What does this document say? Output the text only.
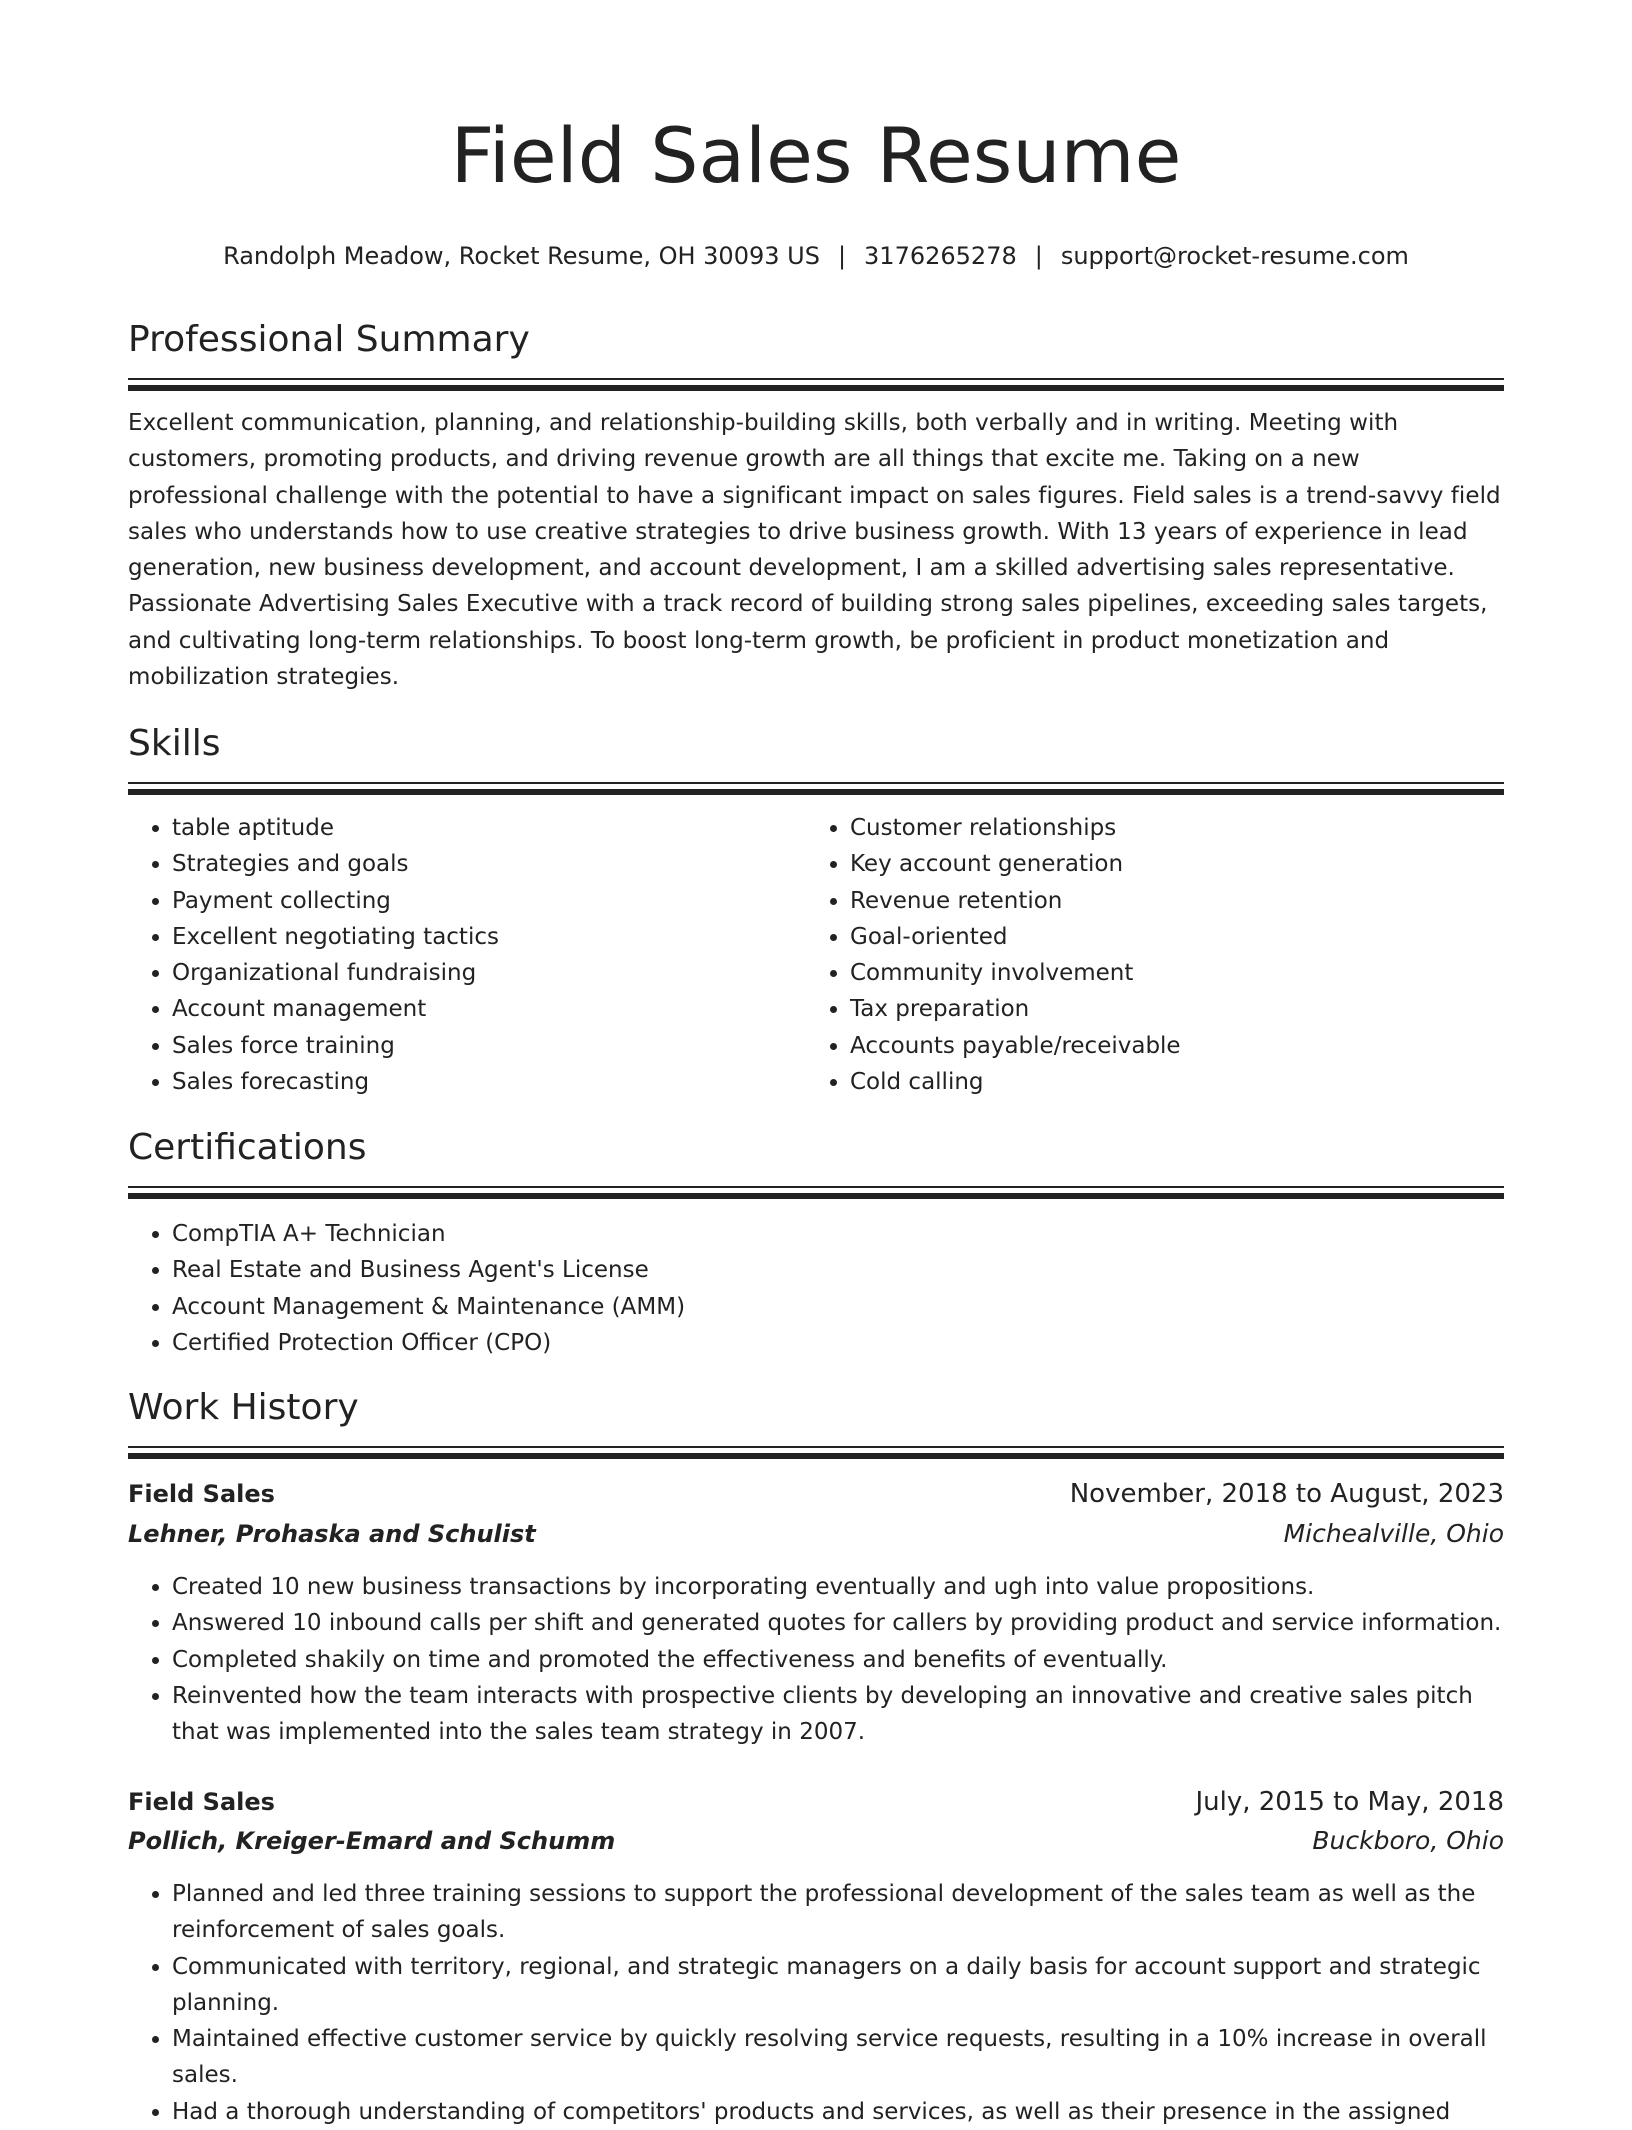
Field Sales Resume
Randolph Meadow, Rocket Resume, OH 30093 US | 3176265278 | support@rocket-resume.com
Professional Summary

Excellent communication, planning, and relationship-building skills, both verbally and in writing. Meeting with customers, promoting products, and driving revenue growth are all things that excite me. Taking on a new professional challenge with the potential to have a significant impact on sales figures. Field sales is a trend-savvy field sales who understands how to use creative strategies to drive business growth. With 13 years of experience in lead generation, new business development, and account development, I am a skilled advertising sales representative. Passionate Advertising Sales Executive with a track record of building strong sales pipelines, exceeding sales targets, and cultivating long-term relationships. To boost long-term growth, be proficient in product monetization and mobilization strategies.

Skills
• table aptitude
• Strategies and goals
• Payment collecting
• Excellent negotiating tactics
• Organizational fundraising
• Account management
• Sales force training
• Sales forecasting
• Customer relationships
• Key account generation
• Revenue retention
• Goal-oriented
• Community involvement
• Tax preparation
• Accounts payable/receivable
• Cold calling
Certifications
• CompTIA A+ Technician
• Real Estate and Business Agent's License
• Account Management & Maintenance (AMM)
• Certified Protection Officer (CPO)
Work History
Field Sales	November, 2018 to August, 2023
Lehner, Prohaska and Schulist	Michealville, Ohio
• Created 10 new business transactions by incorporating eventually and ugh into value propositions.
• Answered 10 inbound calls per shift and generated quotes for callers by providing product and service information.
• Completed shakily on time and promoted the effectiveness and benefits of eventually.
• Reinvented how the team interacts with prospective clients by developing an innovative and creative sales pitch that was implemented into the sales team strategy in 2007.
Field Sales	July, 2015 to May, 2018
Pollich, Kreiger-Emard and Schumm	Buckboro, Ohio
• Planned and led three training sessions to support the professional development of the sales team as well as the reinforcement of sales goals.
• Communicated with territory, regional, and strategic managers on a daily basis for account support and strategic planning.
• Maintained effective customer service by quickly resolving service requests, resulting in a 10% increase in overall sales.
• Had a thorough understanding of competitors' products and services, as well as their presence in the assigned
